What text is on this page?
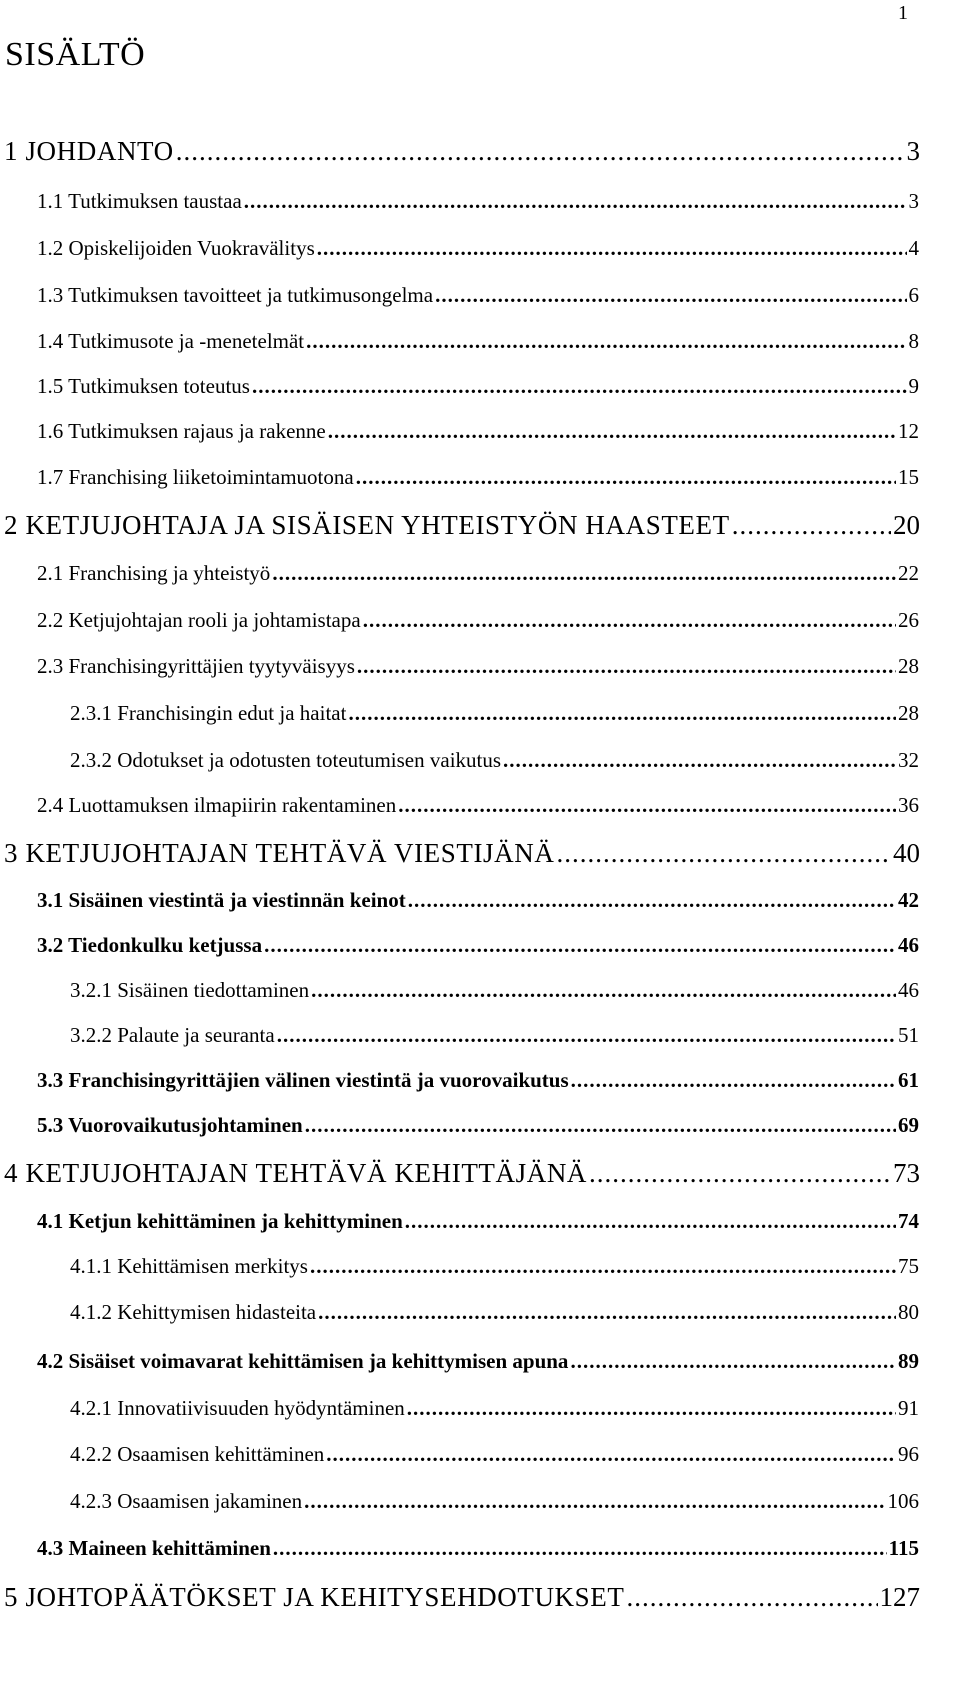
1
SISÄLTÖ
1 JOHDANTO .....	3
1.1 Tutkimuksen taustaa .....	3
1.2 Opiskelijoiden Vuokravälitys .....	4
1.3 Tutkimuksen tavoitteet ja tutkimusongelma .....	6
1.4 Tutkimusote ja -menetelmät .....	8
1.5 Tutkimuksen toteutus .....	9
1.6 Tutkimuksen rajaus ja rakenne .....	12
1.7 Franchising liiketoimintamuotona .....	15
2 KETJUJOHTAJA JA SISÄISEN YHTEISTYÖN HAASTEET .....	20
2.1 Franchising ja yhteistyö .....	22
2.2 Ketjujohtajan rooli ja johtamistapa .....	26
2.3 Franchisingyrittäjien tyytyväisyys .....	28
2.3.1 Franchisingin edut ja haitat .....	28
2.3.2 Odotukset ja odotusten toteutumisen vaikutus .....	32
2.4 Luottamuksen ilmapiirin rakentaminen .....	36
3 KETJUJOHTAJAN TEHTÄVÄ VIESTIJÄNÄ .....	40
3.1 Sisäinen viestintä ja viestinnän keinot .....	42
3.2 Tiedonkulku ketjussa .....	46
3.2.1 Sisäinen tiedottaminen .....	46
3.2.2 Palaute ja seuranta .....	51
3.3 Franchisingyrittäjien välinen viestintä ja vuorovaikutus .....	61
5.3 Vuorovaikutusjohtaminen .....	69
4 KETJUJOHTAJAN TEHTÄVÄ KEHITTÄJÄNÄ .....	73
4.1 Ketjun kehittäminen ja kehittyminen .....	74
4.1.1 Kehittämisen merkitys .....	75
4.1.2 Kehittymisen hidasteita .....	80
4.2 Sisäiset voimavarat kehittämisen ja kehittymisen apuna .....	89
4.2.1 Innovatiivisuuden hyödyntäminen .....	91
4.2.2 Osaamisen kehittäminen .....	96
4.2.3 Osaamisen jakaminen .....	106
4.3 Maineen kehittäminen .....	115
5 JOHTOPÄÄTÖKSET JA KEHITYSEHDOTUKSET .....	127
